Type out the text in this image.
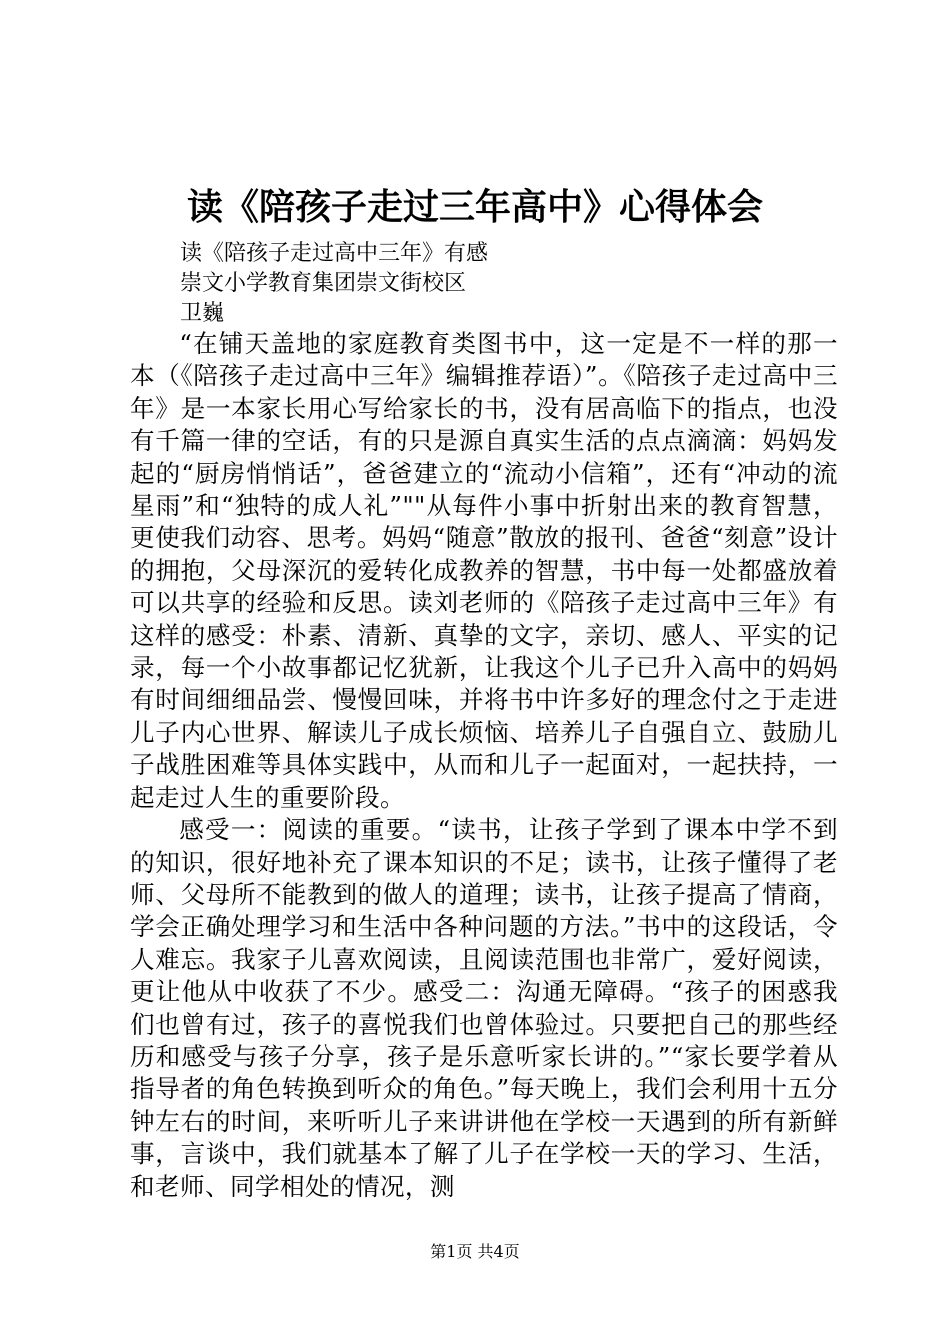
读《陪孩子走过三年高中》心得体会
读《陪孩子走过高中三年》有感
崇文小学教育集团崇文街校区
卫巍

“在铺天盖地的家庭教育类图书中，这一定是不一样的那一本（《陪孩子走过高中三年》编辑推荐语）”。《陪孩子走过高中三年》是一本家长用心写给家长的书，没有居高临下的指点，也没有千篇一律的空话，有的只是源自真实生活的点点滴滴：妈妈发起的“厨房悄悄话”，爸爸建立的“流动小信箱”，还有“冲动的流星雨”和“独特的成人礼”""从每件小事中折射出来的教育智慧，更使我们动容、思考。妈妈“随意”散放的报刊、爸爸“刻意”设计的拥抱，父母深沉的爱转化成教养的智慧，书中每一处都盛放着可以共享的经验和反思。读刘老师的《陪孩子走过高中三年》有这样的感受：朴素、清新、真挚的文字，亲切、感人、平实的记录，每一个小故事都记忆犹新，让我这个儿子已升入高中的妈妈有时间细细品尝、慢慢回味，并将书中许多好的理念付之于走进儿子内心世界、解读儿子成长烦恼、培养儿子自强自立、鼓励儿子战胜困难等具体实践中，从而和儿子一起面对，一起扶持，一起走过人生的重要阶段。

感受一：阅读的重要。“读书，让孩子学到了课本中学不到的知识，很好地补充了课本知识的不足；读书，让孩子懂得了老师、父母所不能教到的做人的道理；读书，让孩子提高了情商，学会正确处理学习和生活中各种问题的方法。”书中的这段话，令人难忘。我家子儿喜欢阅读，且阅读范围也非常广，爱好阅读，更让他从中收获了不少。感受二：沟通无障碍。“孩子的困惑我们也曾有过，孩子的喜悦我们也曾体验过。只要把自己的那些经历和感受与孩子分享，孩子是乐意听家长讲的。”“家长要学着从指导者的角色转换到听众的角色。”每天晚上，我们会利用十五分钟左右的时间，来听听儿子来讲讲他在学校一天遇到的所有新鲜事，言谈中，我们就基本了解了儿子在学校一天的学习、生活，和老师、同学相处的情况，测

第1页 共4页
